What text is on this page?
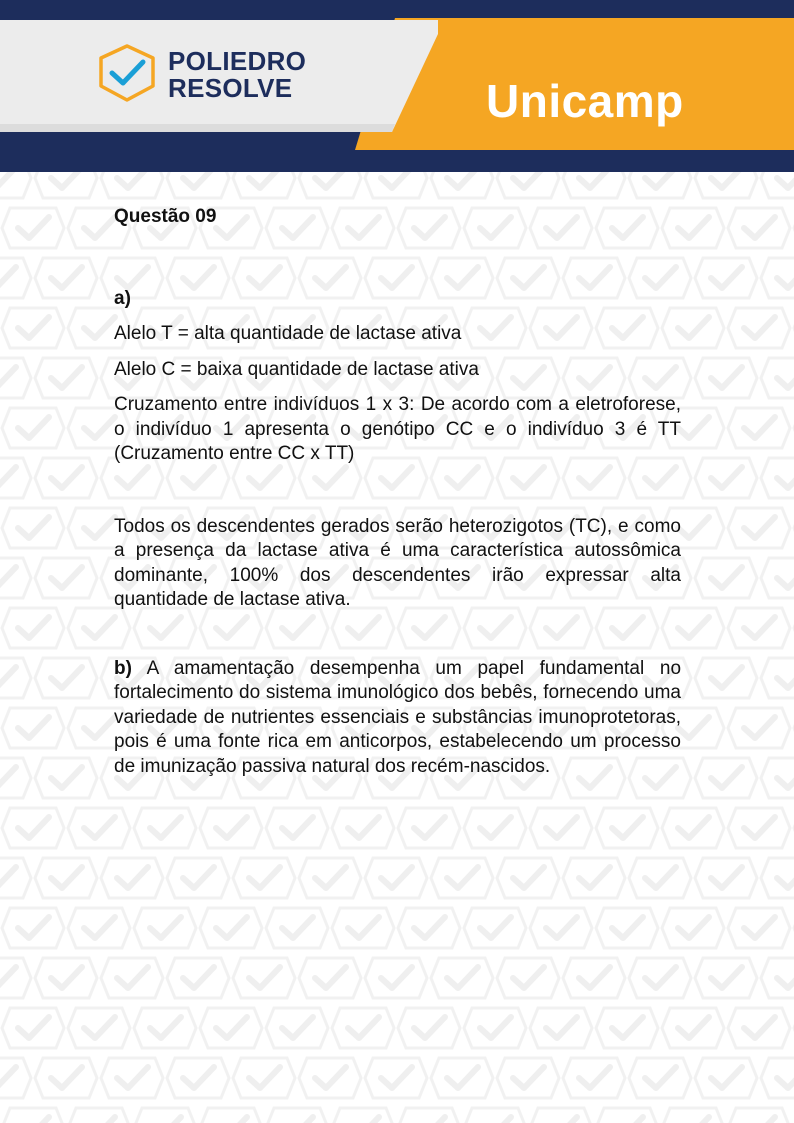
POLIEDRO
RESOLVE	Unicamp

Questão 09

a)

Alelo T = alta quantidade de lactase ativa

Alelo C = baixa quantidade de lactase ativa

Cruzamento entre indivíduos 1 x 3: De acordo com a eletroforese, o indivíduo 1 apresenta o genótipo CC e o indivíduo 3 é TT (Cruzamento entre CC x TT)

Todos os descendentes gerados serão heterozigotos (TC), e como a presença da lactase ativa é uma característica autossômica dominante, 100% dos descendentes irão expressar alta quantidade de lactase ativa.

b) A amamentação desempenha um papel fundamental no fortalecimento do sistema imunológico dos bebês, fornecendo uma variedade de nutrientes essenciais e substâncias imunoprotetoras, pois é uma fonte rica em anticorpos, estabelecendo um processo de imunização passiva natural dos recém-nascidos.
